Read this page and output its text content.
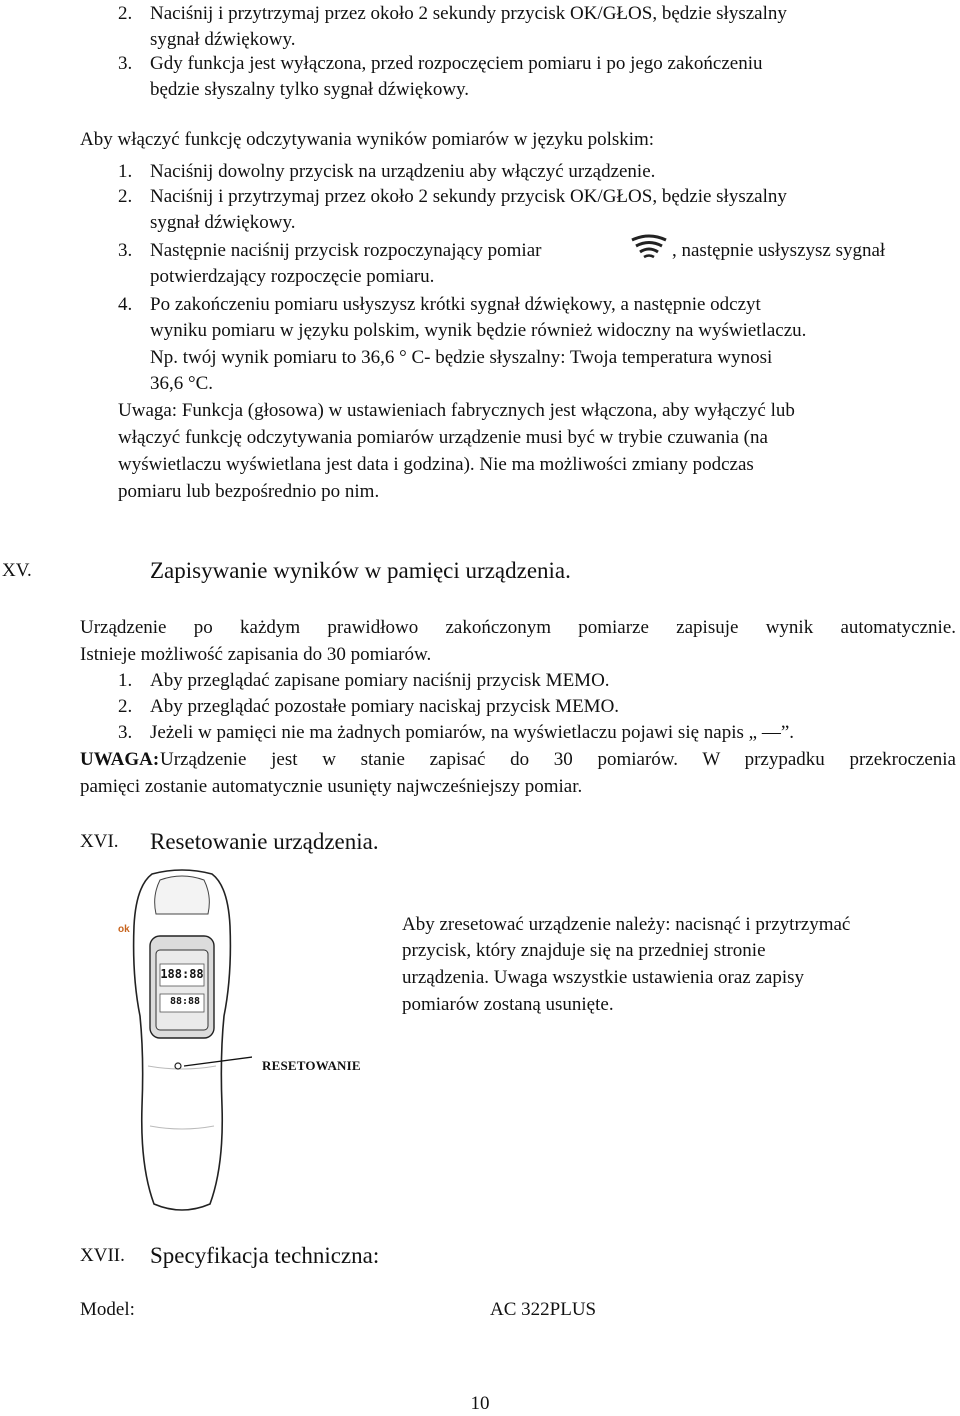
2. Naciśnij i przytrzymaj przez około 2 sekundy przycisk OK/GŁOS, będzie słyszalny
sygnał dźwiękowy.
3. Gdy funkcja jest wyłączona, przed rozpoczęciem pomiaru i po jego zakończeniu
będzie słyszalny tylko sygnał dźwiękowy.
Aby włączyć funkcję odczytywania wyników pomiarów w języku polskim:
1. Naciśnij dowolny przycisk na urządzeniu aby włączyć urządzenie.
2. Naciśnij i przytrzymaj przez około 2 sekundy przycisk OK/GŁOS, będzie słyszalny
sygnał dźwiękowy.
3. Następnie naciśnij przycisk rozpoczynający pomiar	, następnie usłyszysz sygnał
potwierdzający rozpoczęcie pomiaru.
4. Po zakończeniu pomiaru usłyszysz krótki sygnał dźwiękowy, a następnie odczyt
wyniku pomiaru w języku polskim, wynik będzie również widoczny na wyświetlaczu.
Np. twój wynik pomiaru to 36,6 ° C- będzie słyszalny: Twoja temperatura wynosi
36,6 °C.
Uwaga: Funkcja (głosowa) w ustawieniach fabrycznych jest włączona, aby wyłączyć lub
włączyć funkcję odczytywania pomiarów urządzenie musi być w trybie czuwania (na
wyświetlaczu wyświetlana jest data i godzina). Nie ma możliwości zmiany podczas
pomiaru lub bezpośrednio po nim.
XV.	Zapisywanie wyników w pamięci urządzenia.
Urządzenie po każdym prawidłowo zakończonym pomiarze zapisuje wynik automatycznie.
Istnieje możliwość zapisania do 30 pomiarów.
1. Aby przeglądać zapisane pomiary naciśnij przycisk MEMO.
2. Aby przeglądać pozostałe pomiary naciskaj przycisk MEMO.
3. Jeżeli w pamięci nie ma żadnych pomiarów, na wyświetlaczu pojawi się napis „ —”.
UWAGA: Urządzenie jest w stanie zapisać do 30 pomiarów. W przypadku przekroczenia
pamięci zostanie automatycznie usunięty najwcześniejszy pomiar.
XVI. Resetowanie urządzenia.
ok
188:88
88:88
RESETOWANIE
Aby zresetować urządzenie należy: nacisnąć i przytrzymać
przycisk, który znajduje się na przedniej stronie
urządzenia. Uwaga wszystkie ustawienia oraz zapisy
pomiarów zostaną usunięte.
XVII. Specyfikacja techniczna:
Model:	AC 322PLUS
10
